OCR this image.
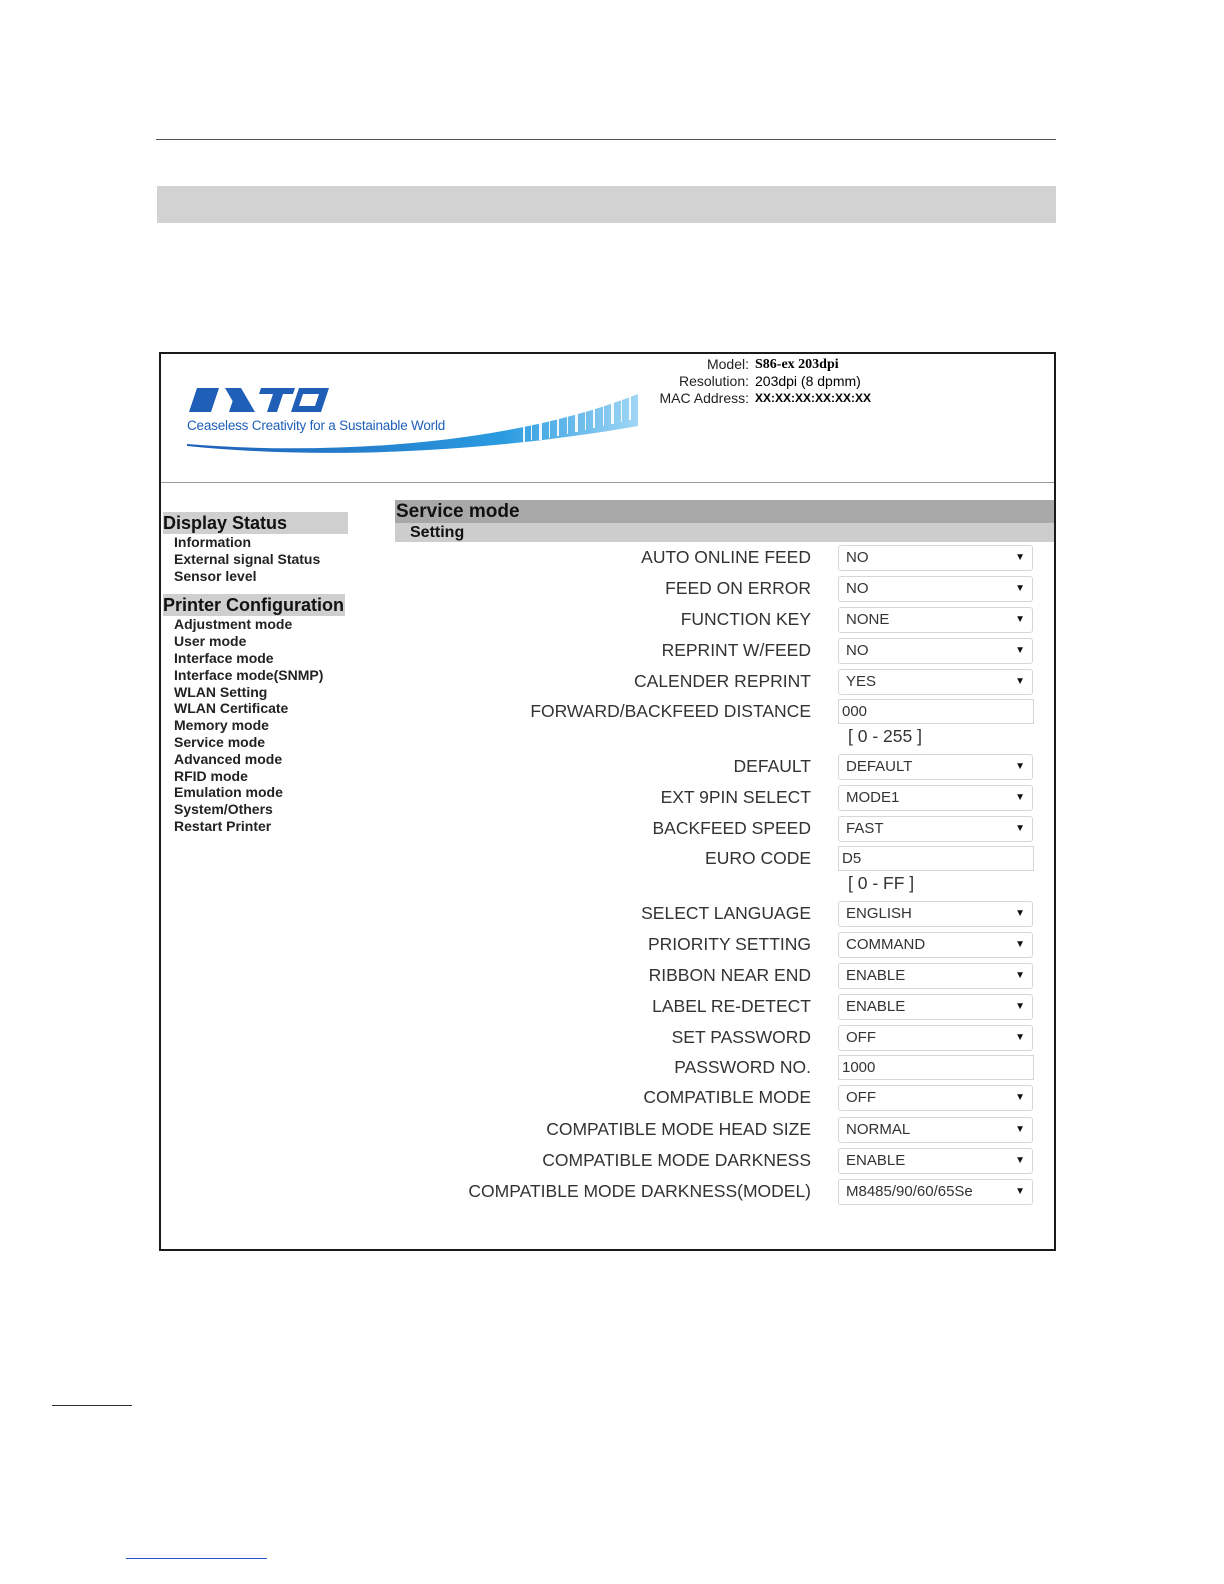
Ceaseless Creativity for a Sustainable World
Model: S86-ex 203dpi
Resolution: 203dpi (8 dpmm)
MAC Address: XX:XX:XX:XX:XX:XX
Display Status
Information
External signal Status
Sensor level
Printer Configuration
Adjustment mode
User mode
Interface mode
Interface mode(SNMP)
WLAN Setting
WLAN Certificate
Memory mode
Service mode
Advanced mode
RFID mode
Emulation mode
System/Others
Restart Printer
Service mode
Setting
AUTO ONLINE FEED	NO	▼
FEED ON ERROR	NO	▼
FUNCTION KEY	NONE	▼
REPRINT W/FEED	NO	▼
CALENDER REPRINT	YES	▼
FORWARD/BACKFEED DISTANCE 000
[ 0 - 255 ]
DEFAULT	DEFAULT	▼
EXT 9PIN SELECT	MODE1	▼
BACKFEED SPEED	FAST	▼
EURO CODE D5
[ 0 - FF ]
SELECT LANGUAGE	ENGLISH	▼
PRIORITY SETTING	COMMAND	▼
RIBBON NEAR END	ENABLE	▼
LABEL RE-DETECT	ENABLE	▼
SET PASSWORD	OFF	▼
PASSWORD NO. 1000
COMPATIBLE MODE	OFF	▼
COMPATIBLE MODE HEAD SIZE	NORMAL	▼
COMPATIBLE MODE DARKNESS	ENABLE	▼
COMPATIBLE MODE DARKNESS(MODEL)	M8485/90/60/65Se	▼
